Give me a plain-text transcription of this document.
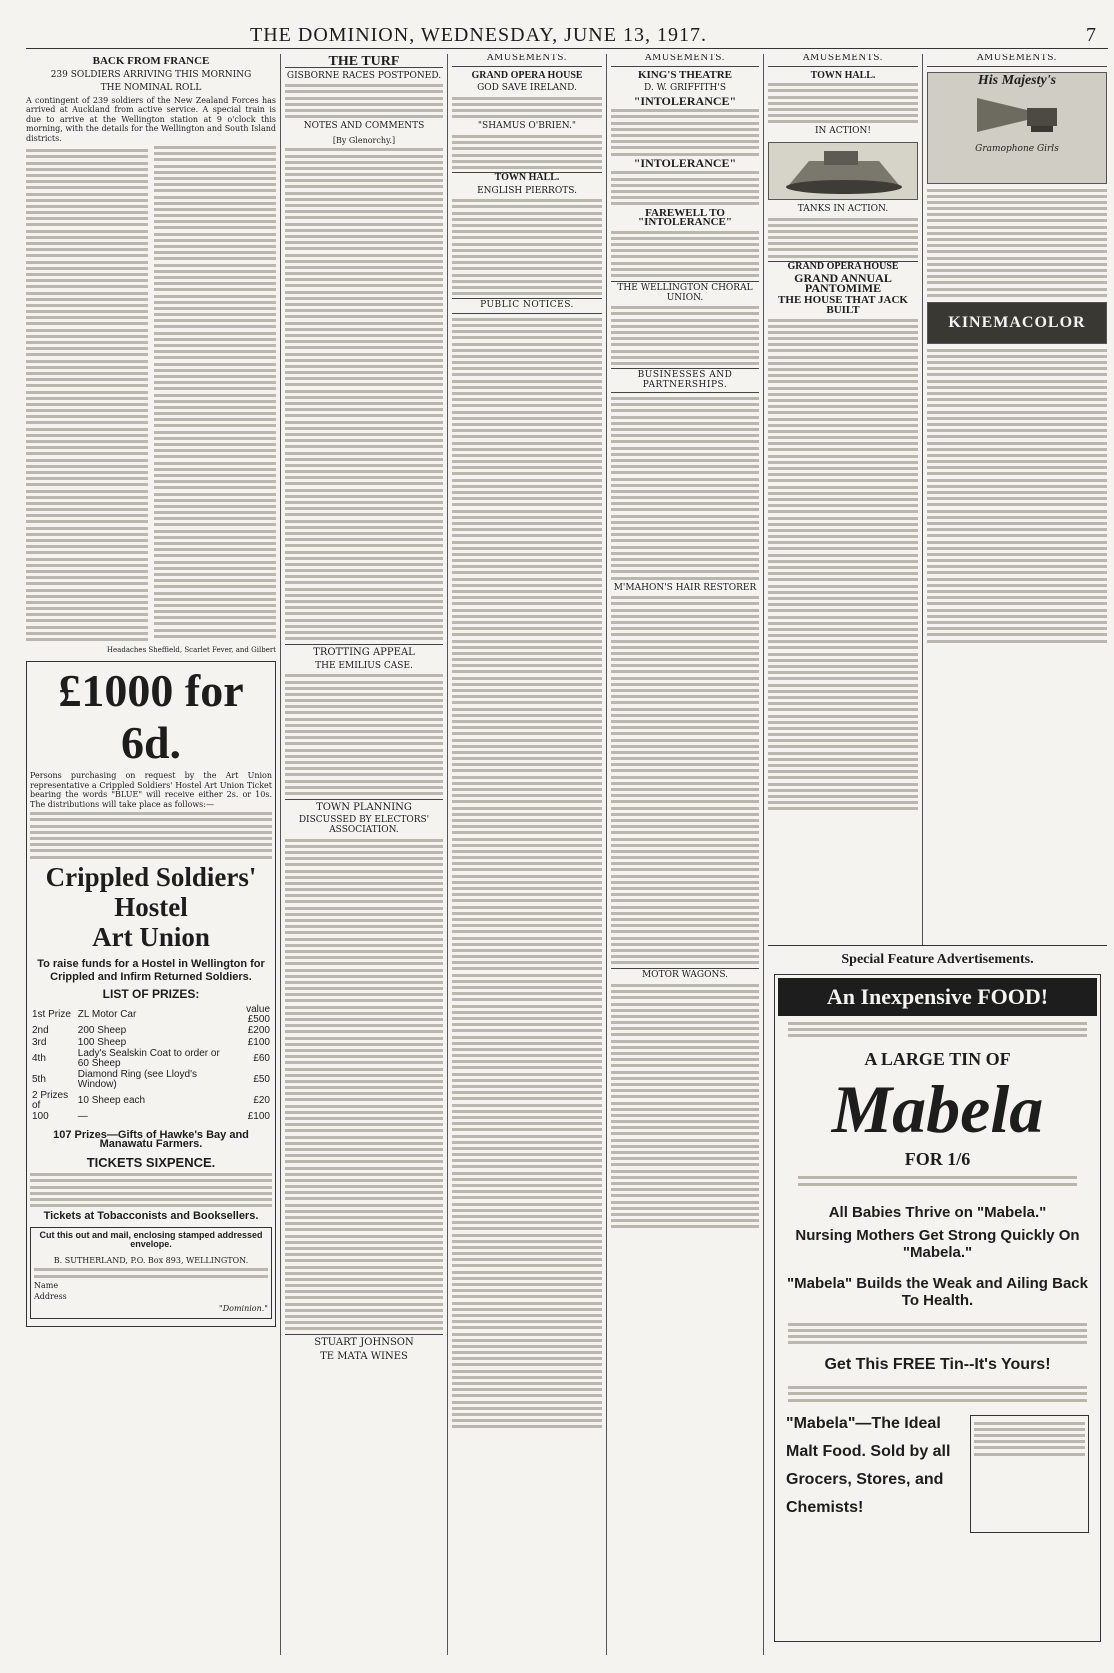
THE DOMINION, WEDNESDAY, JUNE 13, 1917.	7
BACK FROM FRANCE
239 SOLDIERS ARRIVING THIS MORNING
THE NOMINAL ROLL
A contingent of 239 soldiers of the New Zealand Forces has arrived at Auckland from active service. A special train is due to arrive at the Wellington station at 9 o'clock this morning, with the details for the Wellington and South Island districts.
Headaches Sheffield, Scarlet Fever, and Gilbert
£1000 for 6d.
Persons purchasing on request by the Art Union representative a Crippled Soldiers' Hostel Art Union Ticket bearing the words "BLUE" will receive either 2s. or 10s. The distributions will take place as follows:—
Crippled Soldiers' Hostel
Art Union
To raise funds for a Hostel in Wellington for Crippled and Infirm Returned Soldiers.
LIST OF PRIZES:
1st Prize	ZL Motor Car	value £500
2nd	200 Sheep	£200
3rd	100 Sheep	£100
4th	Lady's Sealskin Coat to order or 60 Sheep	£60
5th	Diamond Ring (see Lloyd's Window)	£50
2 Prizes of	10 Sheep each	£20
100	—	£100
107 Prizes—Gifts of Hawke's Bay and Manawatu Farmers.
TICKETS SIXPENCE.
Tickets at Tobacconists and Booksellers.
Cut this out and mail, enclosing stamped addressed envelope.
B. SUTHERLAND, P.O. Box 893, WELLINGTON.
Name
Address
"Dominion."
THE TURF
GISBORNE RACES POSTPONED.
NOTES AND COMMENTS
[By Glenorchy.]
TROTTING APPEAL
THE EMILIUS CASE.
TOWN PLANNING
DISCUSSED BY ELECTORS' ASSOCIATION.
STUART JOHNSON
TE MATA WINES
AMUSEMENTS.
GRAND OPERA HOUSE
GOD SAVE IRELAND.
"SHAMUS O'BRIEN."
TOWN HALL.
ENGLISH PIERROTS.
PUBLIC NOTICES.
AMUSEMENTS.
KING'S THEATRE
D. W. GRIFFITH'S
"INTOLERANCE"
"INTOLERANCE"
FAREWELL TO "INTOLERANCE"
THE WELLINGTON CHORAL UNION.
BUSINESSES AND PARTNERSHIPS.
M'MAHON'S HAIR RESTORER
MOTOR WAGONS.
AMUSEMENTS.
TOWN HALL.
IN ACTION!
TANKS IN ACTION.
GRAND OPERA HOUSE
GRAND ANNUAL PANTOMIME
THE HOUSE THAT JACK BUILT
AMUSEMENTS.
His Majesty's
Gramophone Girls
KINEMACOLOR
Special Feature Advertisements.
An Inexpensive FOOD!
A LARGE TIN OF
Mabela
FOR 1/6
All Babies Thrive on "Mabela."
Nursing Mothers Get Strong Quickly On "Mabela."
"Mabela" Builds the Weak and Ailing Back To Health.
Get This FREE Tin--It's Yours!
"Mabela"—The Ideal Malt Food. Sold by all Grocers, Stores, and Chemists!
